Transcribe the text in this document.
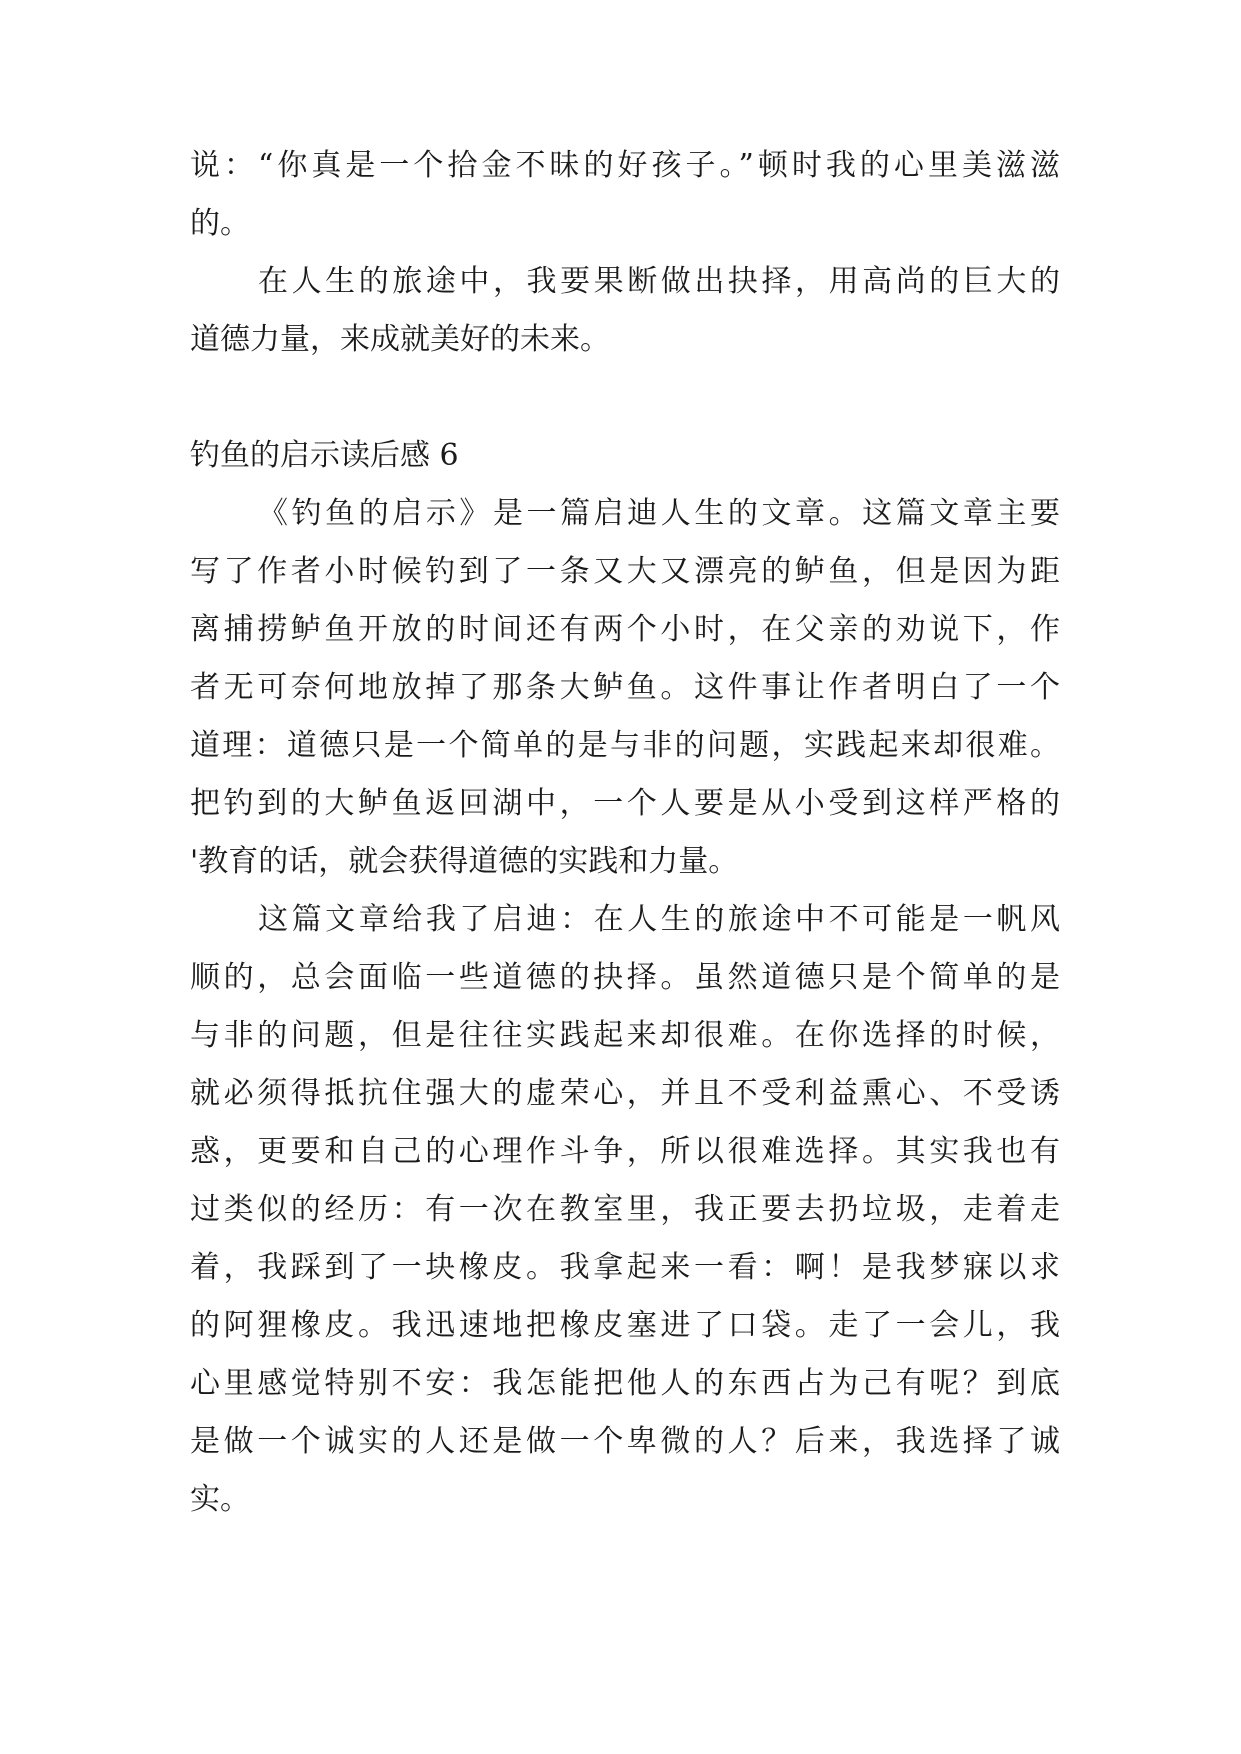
说：“你真是一个拾金不昧的好孩子。”顿时我的心里美滋滋
的。
在人生的旅途中，我要果断做出抉择，用高尚的巨大的
道德力量，来成就美好的未来。
钓鱼的启示读后感 6
《钓鱼的启示》是一篇启迪人生的文章。这篇文章主要
写了作者小时候钓到了一条又大又漂亮的鲈鱼，但是因为距
离捕捞鲈鱼开放的时间还有两个小时，在父亲的劝说下，作
者无可奈何地放掉了那条大鲈鱼。这件事让作者明白了一个
道理：道德只是一个简单的是与非的问题，实践起来却很难。
把钓到的大鲈鱼返回湖中，一个人要是从小受到这样严格的
'教育的话，就会获得道德的实践和力量。
这篇文章给我了启迪：在人生的旅途中不可能是一帆风
顺的，总会面临一些道德的抉择。虽然道德只是个简单的是
与非的问题，但是往往实践起来却很难。在你选择的时候，
就必须得抵抗住强大的虚荣心，并且不受利益熏心、不受诱
惑，更要和自己的心理作斗争，所以很难选择。其实我也有
过类似的经历：有一次在教室里，我正要去扔垃圾，走着走
着，我踩到了一块橡皮。我拿起来一看：啊！是我梦寐以求
的阿狸橡皮。我迅速地把橡皮塞进了口袋。走了一会儿，我
心里感觉特别不安：我怎能把他人的东西占为己有呢？到底
是做一个诚实的人还是做一个卑微的人？后来，我选择了诚
实。
